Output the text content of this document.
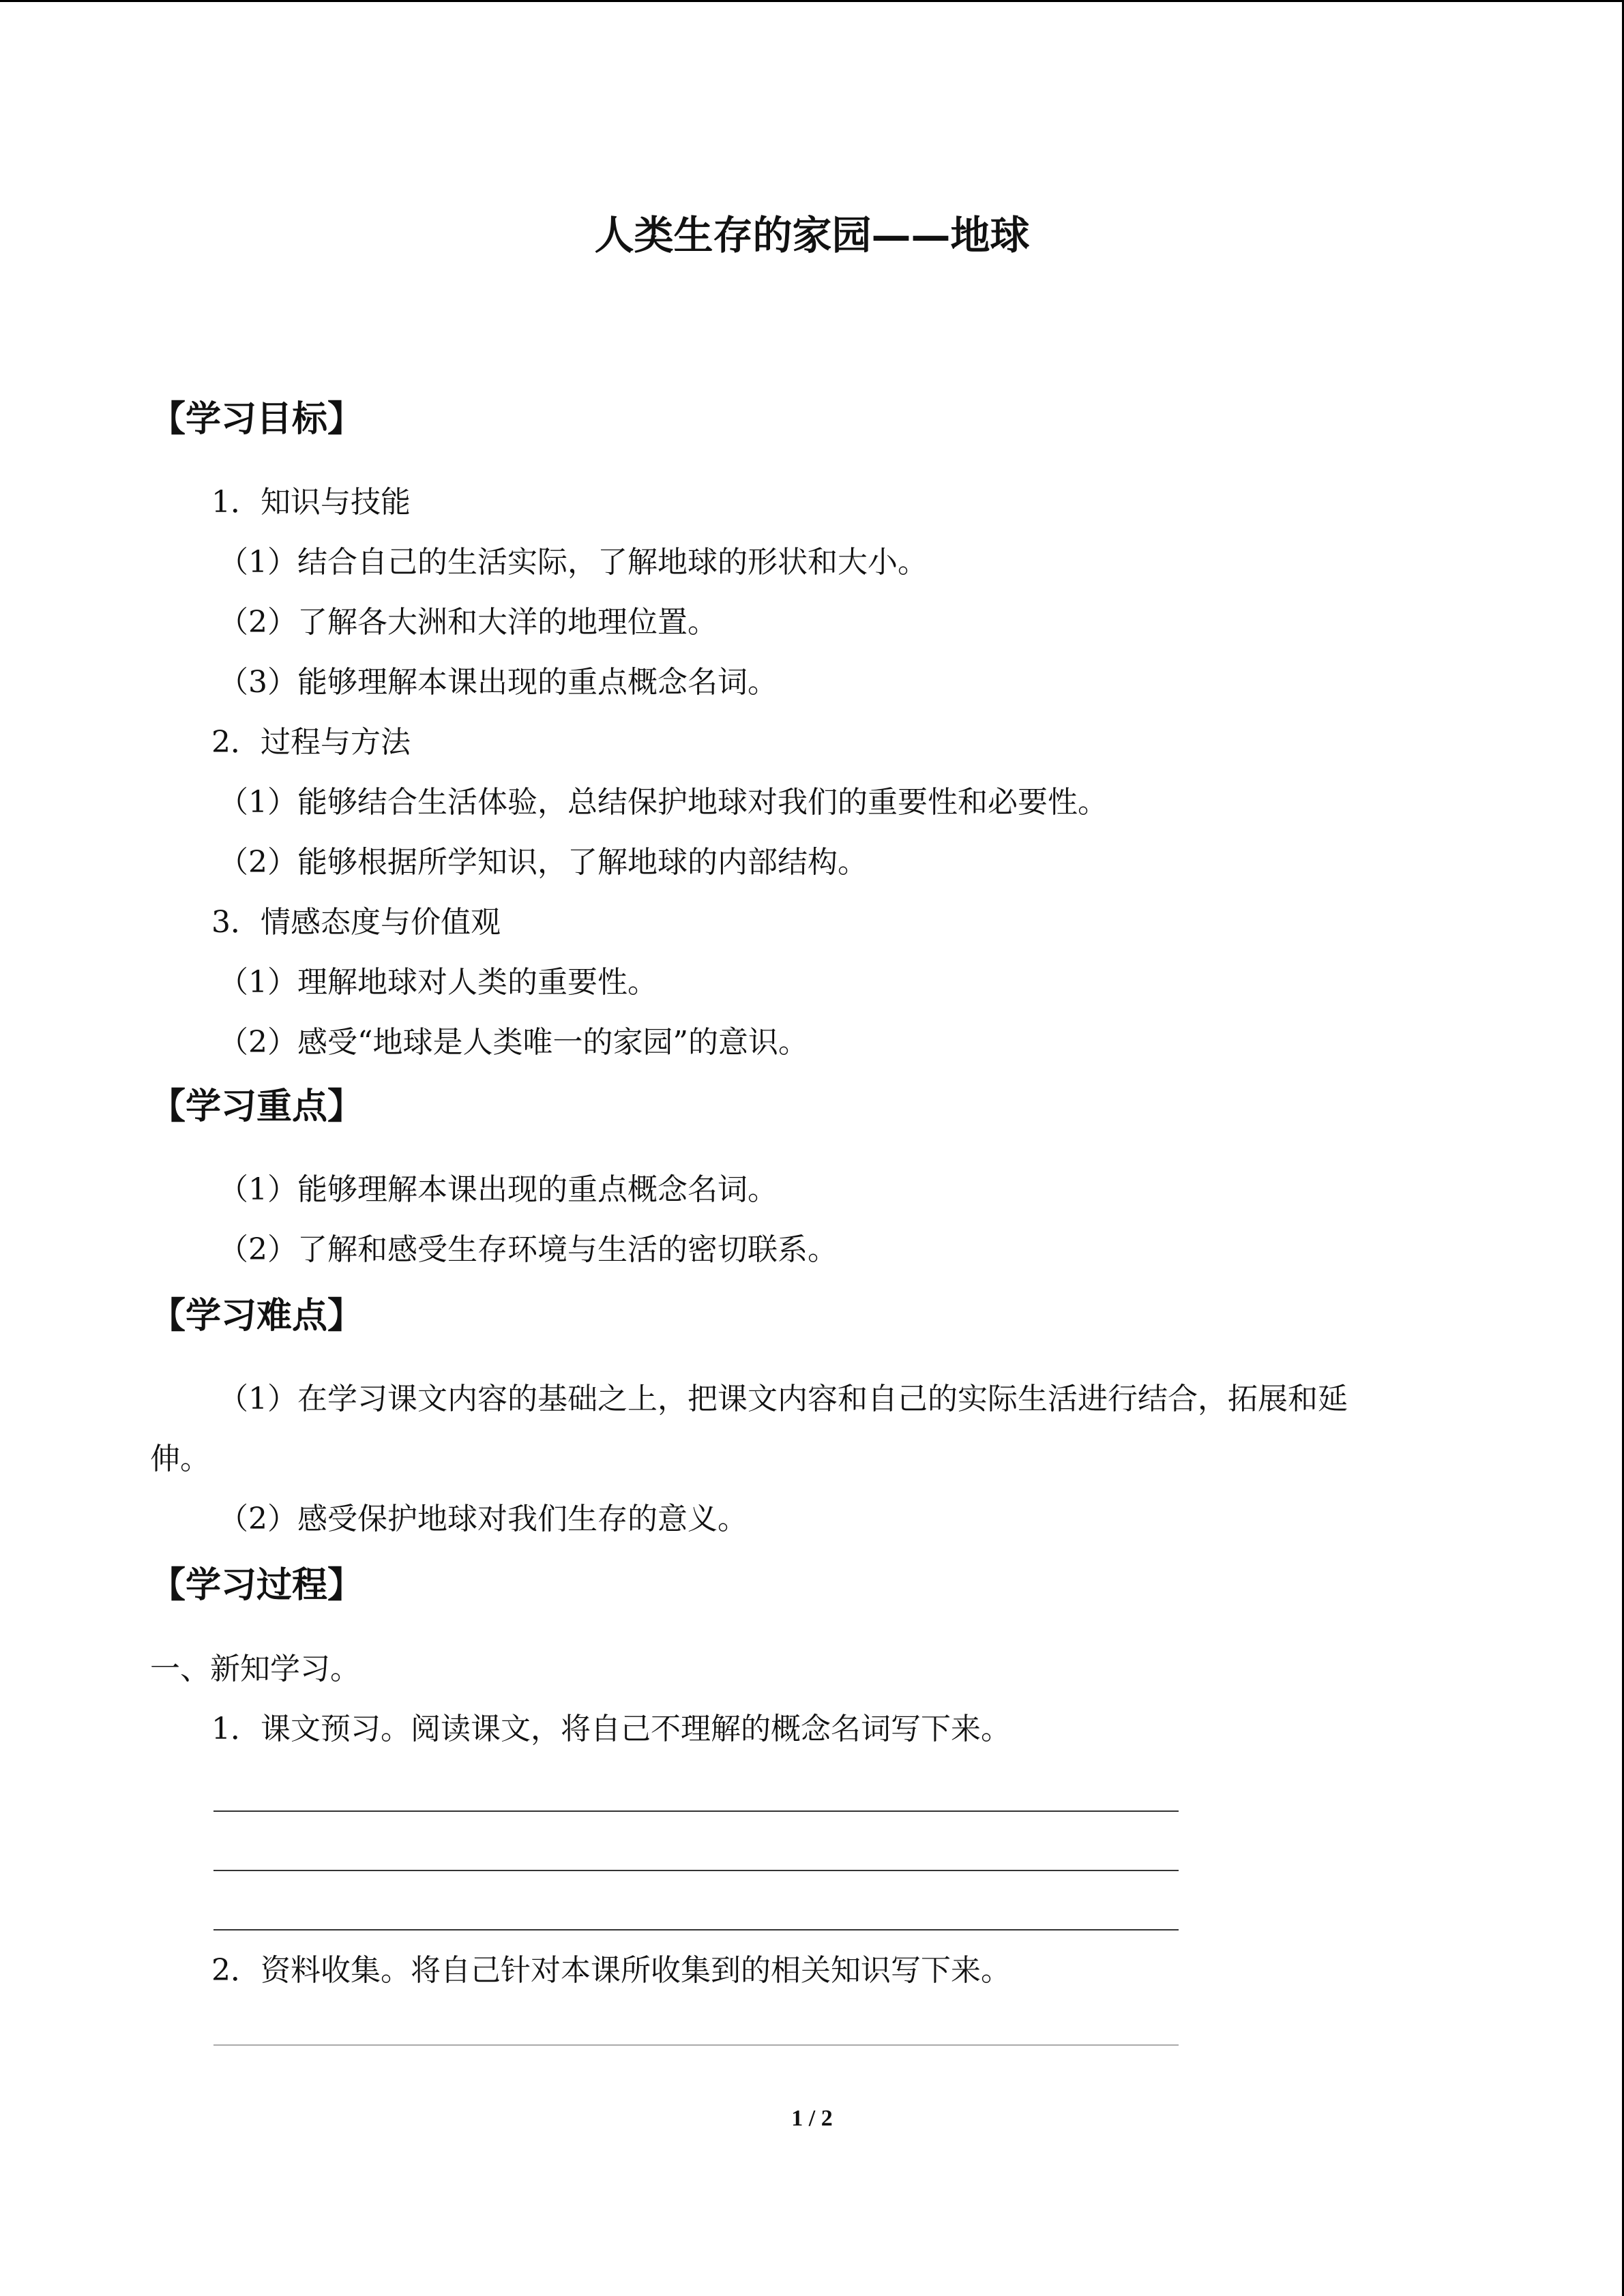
人类生存的家园——地球
【学习目标】
1．知识与技能
（1）结合自己的生活实际，了解地球的形状和大小。
（2）了解各大洲和大洋的地理位置。
（3）能够理解本课出现的重点概念名词。
2．过程与方法
（1）能够结合生活体验，总结保护地球对我们的重要性和必要性。
（2）能够根据所学知识，了解地球的内部结构。
3．情感态度与价值观
（1）理解地球对人类的重要性。
（2）感受“地球是人类唯一的家园”的意识。
【学习重点】
（1）能够理解本课出现的重点概念名词。
（2）了解和感受生存环境与生活的密切联系。
【学习难点】
（1）在学习课文内容的基础之上，把课文内容和自己的实际生活进行结合，拓展和延
伸。
（2）感受保护地球对我们生存的意义。
【学习过程】
一、新知学习。
1．课文预习。阅读课文，将自己不理解的概念名词写下来。
2．资料收集。将自己针对本课所收集到的相关知识写下来。
1 / 2
